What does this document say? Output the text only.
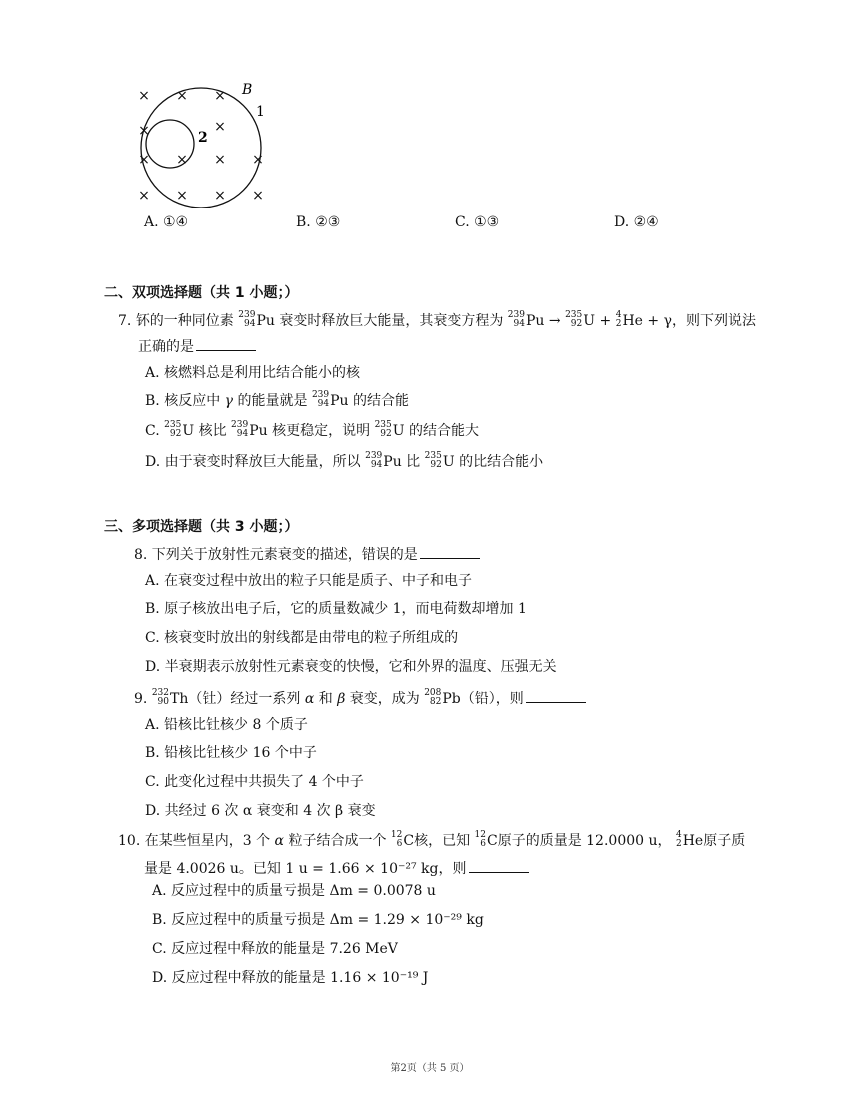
× × ×
×	×
× × ×
× × × ×
×
B
1
2
A. ①④	B. ②③	C. ①③	D. ②④
二、双项选择题（共 1 小题；）
7. 钚的一种同位素 239
94 Pu 衰变时释放巨大能量，其衰变方程为 239
94 Pu → 235
92 U + 4
2 He + γ，则下列说法
正确的是
A. 核燃料总是利用比结合能小的核
B. 核反应中 γ 的能量就是 239
94 Pu 的结合能
C. 235
92 U 核比 239
94 Pu 核更稳定，说明 235
92 U 的结合能大
D. 由于衰变时释放巨大能量，所以 239
94 Pu 比 235
92 U 的比结合能小
三、多项选择题（共 3 小题；）
8. 下列关于放射性元素衰变的描述，错误的是
A. 在衰变过程中放出的粒子只能是质子、中子和电子
B. 原子核放出电子后，它的质量数减少 1，而电荷数却增加 1
C. 核衰变时放出的射线都是由带电的粒子所组成的
D. 半衰期表示放射性元素衰变的快慢，它和外界的温度、压强无关
9. 232
90 Th（钍）经过一系列 α 和 β 衰变，成为 208
82 Pb（铅），则
A. 铅核比钍核少 8 个质子
B. 铅核比钍核少 16 个中子
C. 此变化过程中共损失了 4 个中子
D. 共经过 6 次 α 衰变和 4 次 β 衰变
10. 在某些恒星内，3 个 α 粒子结合成一个 12
6 C核，已知 12
6 C原子的质量是 12.0000 u， 4
2 He原子质
量是 4.0026 u。已知 1 u = 1.66 × 10⁻²⁷ kg，则
A. 反应过程中的质量亏损是 Δm = 0.0078 u
B. 反应过程中的质量亏损是 Δm = 1.29 × 10⁻²⁹ kg
C. 反应过程中释放的能量是 7.26 MeV
D. 反应过程中释放的能量是 1.16 × 10⁻¹⁹ J
第2页（共 5 页）
